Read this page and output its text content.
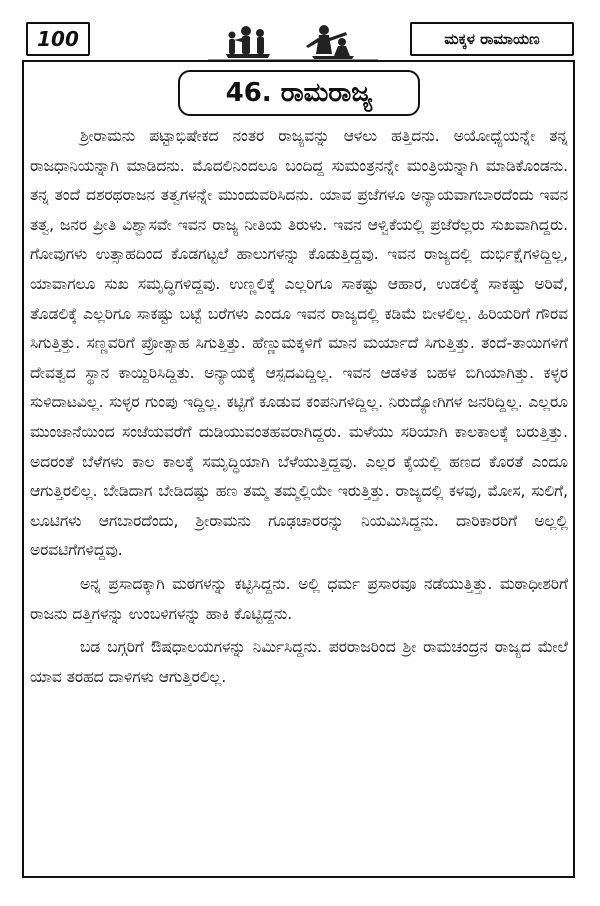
100	ಮಕ್ಕಳ ರಾಮಾಯಣ
46. ರಾಮರಾಜ್ಯ

ಶ್ರೀರಾಮನು ಪಟ್ಟಾಭಿಷೇಕದ ನಂತರ ರಾಜ್ಯವನ್ನು ಆಳಲು ಹತ್ತಿದನು. ಅಯೋಧ್ಯೆಯನ್ನೇ ತನ್ನ ರಾಜಧಾನಿಯನ್ನಾಗಿ ಮಾಡಿದನು. ಮೊದಲಿನಿಂದಲೂ ಬಂದಿದ್ದ ಸುಮಂತ್ರನನ್ನೇ ಮಂತ್ರಿಯನ್ನಾಗಿ ಮಾಡಿಕೊಂಡನು. ತನ್ನ ತಂದೆ ದಶರಥರಾಜನ ತತ್ವಗಳನ್ನೇ ಮುಂದುವರಿಸಿದನು. ಯಾವ ಪ್ರಜೆಗಳೂ ಅನ್ಯಾಯವಾಗಬಾರದೆಂದು ಇವನ ತತ್ವ, ಜನರ ಪ್ರೀತಿ ವಿಶ್ವಾಸವೇ ಇವನ ರಾಜ್ಯ ನೀತಿಯ ತಿರುಳು. ಇವನ ಆಳ್ವಿಕೆಯಲ್ಲಿ ಪ್ರಜೆರೆಲ್ಲರು ಸುಖವಾಗಿದ್ದರು. ಗೋವುಗಳು ಉತ್ಸಾಹದಿಂದ ಕೊಡಗಟ್ಟಲೆ ಹಾಲುಗಳನ್ನು ಕೊಡುತ್ತಿದ್ದವು. ಇವನ ರಾಜ್ಯದಲ್ಲಿ ದುರ್ಭಿಕ್ಷೆಗಳಿದ್ದಿಲ್ಲ, ಯಾವಾಗಲೂ ಸುಖ ಸಮೃದ್ಧಿಗಳಿದ್ದವು. ಉಣ್ಣಲಿಕ್ಕೆ ಎಲ್ಲರಿಗೂ ಸಾಕಷ್ಟು ಆಹಾರ, ಉಡಲಿಕ್ಕೆ ಸಾಕಷ್ಟು ಅರಿವೆ, ತೊಡಲಿಕ್ಕೆ ಎಲ್ಲರಿಗೂ ಸಾಕಷ್ಟು ಬಟ್ಟೆ ಬರೆಗಳು ಎಂದೂ ಇವನ ರಾಜ್ಯದಲ್ಲಿ ಕಡಿಮೆ ಬೀಳಲಿಲ್ಲ. ಹಿರಿಯರಿಗೆ ಗೌರವ ಸಿಗುತ್ತಿತ್ತು. ಸಣ್ಣವರಿಗೆ ಪ್ರೋತ್ಸಾಹ ಸಿಗುತ್ತಿತ್ತು. ಹೆಣ್ಣುಮಕ್ಕಳಿಗೆ ಮಾನ ಮರ್ಯಾದೆ ಸಿಗುತ್ತಿತ್ತು. ತಂದೆ-ತಾಯಿಗಳಿಗೆ ದೇವತ್ವದ ಸ್ಥಾನ ಕಾಯ್ದಿರಿಸಿದ್ದಿತು. ಅನ್ಯಾಯಕ್ಕೆ ಆಸ್ಪದವಿದ್ದಿಲ್ಲ. ಇವನ ಆಡಳಿತ ಬಹಳ ಬಿಗಿಯಾಗಿತ್ತು. ಕಳ್ಳರ ಸುಳಿದಾಟವಿಲ್ಲ. ಸುಳ್ಳರ ಗುಂಪು ಇದ್ದಿಲ್ಲ. ಕಟ್ಟಿಗೆ ಕೂಡುವ ಕಂಪನಿಗಳಿದ್ದಿಲ್ಲ. ನಿರುದ್ಯೋಗಿಗಳ ಜನರಿದ್ದಿಲ್ಲ. ಎಲ್ಲರೂ ಮುಂಜಾನೆಯಿಂದ ಸಂಜೆಯವರೆಗೆ ದುಡಿಯುವಂತಹವರಾಗಿದ್ದರು. ಮಳೆಯು ಸರಿಯಾಗಿ ಕಾಲಕಾಲಕ್ಕೆ ಬರುತ್ತಿತ್ತು. ಅದರಂತೆ ಬೆಳೆಗಳು ಕಾಲ ಕಾಲಕ್ಕೆ ಸಮೃದ್ಧಿಯಾಗಿ ಬೆಳೆಯುತ್ತಿದ್ದವು. ಎಲ್ಲರ ಕೈಯಲ್ಲಿ ಹಣದ ಕೊರತೆ ಎಂದೂ ಆಗುತ್ತಿರಲಿಲ್ಲ. ಬೇಡಿದಾಗ ಬೇಡಿದಷ್ಟು ಹಣ ತಮ್ಮ ತಮ್ಮಲ್ಲಿಯೇ ಇರುತ್ತಿತ್ತು. ರಾಜ್ಯದಲ್ಲಿ ಕಳವು, ಮೋಸ, ಸುಲಿಗೆ, ಲೂಟಿಗಳು ಆಗಬಾರದೆಂದು, ಶ್ರೀರಾಮನು ಗೂಢಚಾರರನ್ನು ನಿಯಮಿಸಿದ್ದನು. ದಾರಿಕಾರರಿಗೆ ಅಲ್ಲಲ್ಲಿ ಅರವಟಿಗೆಗಳಿದ್ದವು.

ಅನ್ನ ಪ್ರಸಾದಕ್ಕಾಗಿ ಮಠಗಳನ್ನು ಕಟ್ಟಿಸಿದ್ದನು. ಅಲ್ಲಿ ಧರ್ಮ ಪ್ರಸಾರವೂ ನಡೆಯುತ್ತಿತ್ತು. ಮಠಾಧೀಶರಿಗೆ ರಾಜನು ದತ್ತಿಗಳನ್ನು ಉಂಬಳಿಗಳನ್ನು ಹಾಕಿ ಕೊಟ್ಟಿದ್ದನು.

ಬಡ ಬಗ್ಗರಿಗೆ ಔಷಧಾಲಯಗಳನ್ನು ನಿರ್ಮಿಸಿದ್ದನು. ಪರರಾಜರಿಂದ ಶ್ರೀ ರಾಮಚಂದ್ರನ ರಾಜ್ಯದ ಮೇಲೆ ಯಾವ ತರಹದ ದಾಳಿಗಳು ಆಗುತ್ತಿರಲಿಲ್ಲ.
